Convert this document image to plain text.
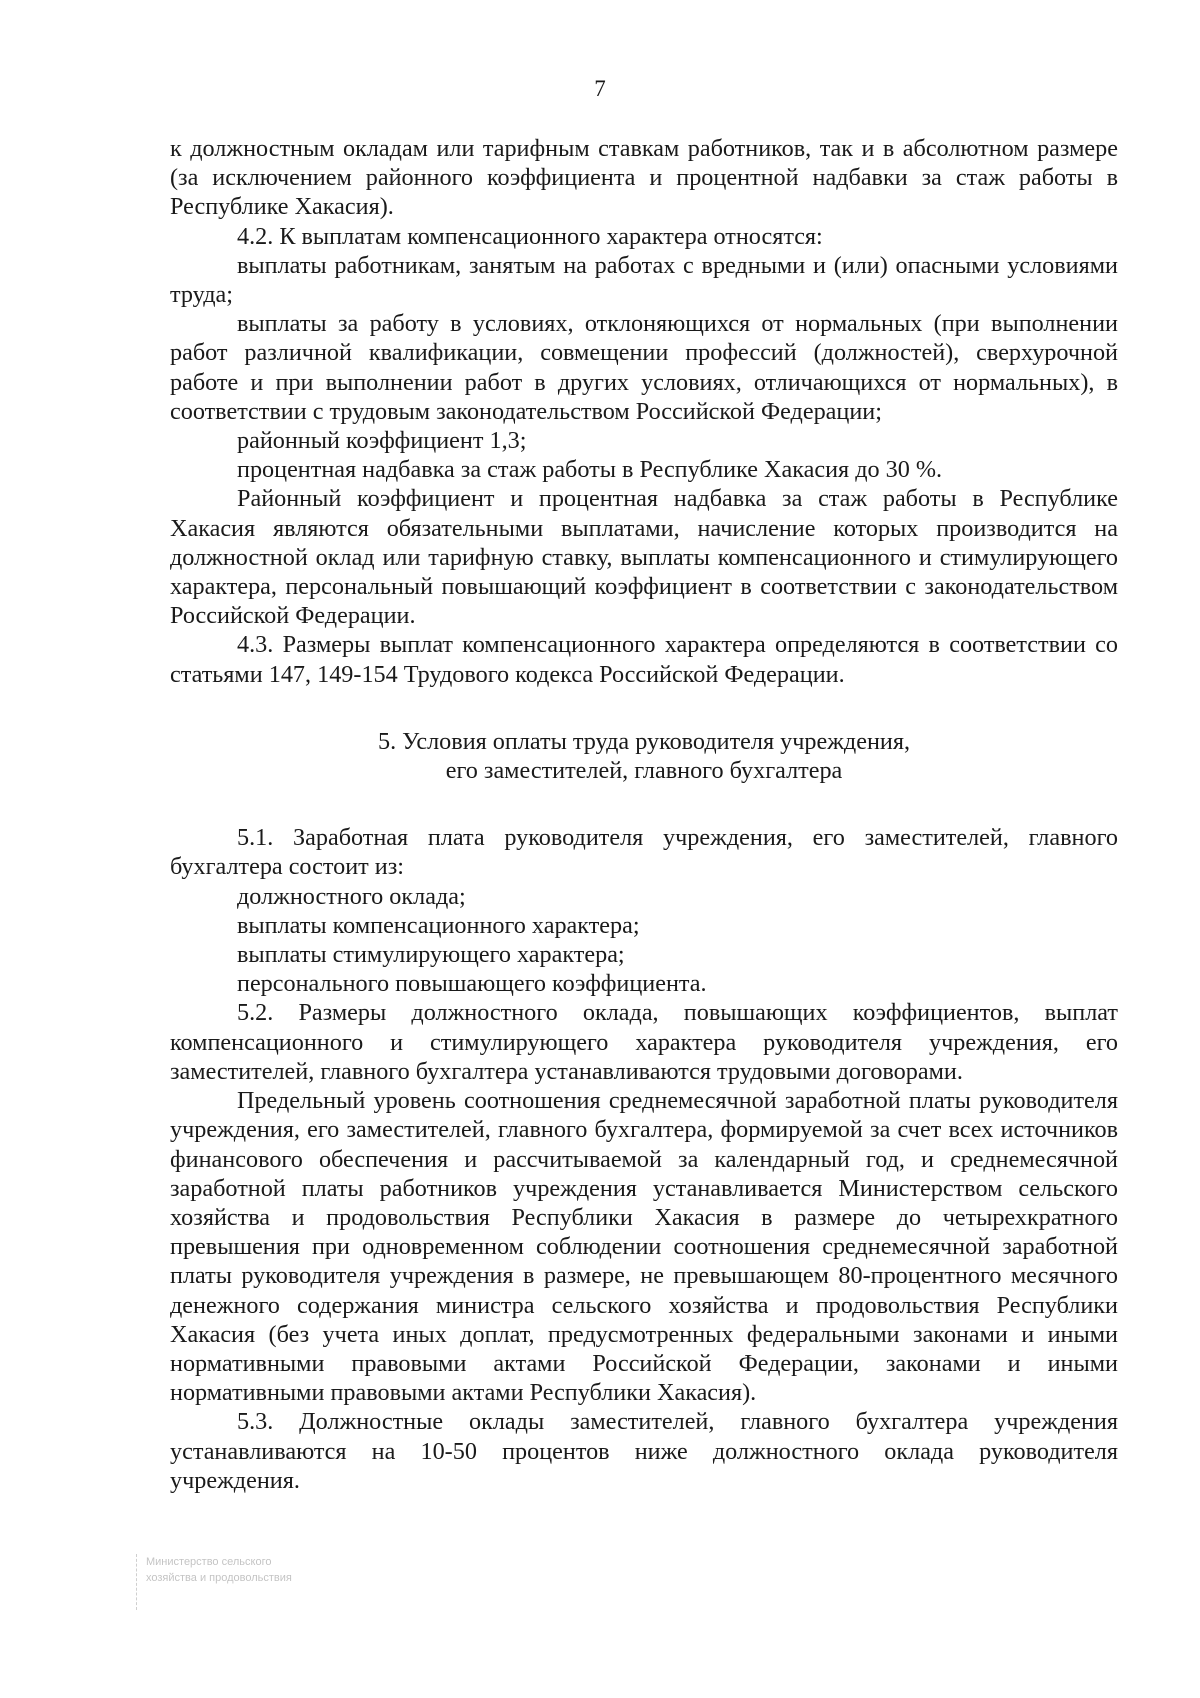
7

к должностным окладам или тарифным ставкам работников, так и в абсолютном размере (за исключением районного коэффициента и процентной надбавки за стаж работы в Республике Хакасия).

4.2. К выплатам компенсационного характера относятся:

выплаты работникам, занятым на работах с вредными и (или) опасными условиями труда;

выплаты за работу в условиях, отклоняющихся от нормальных (при выполнении работ различной квалификации, совмещении профессий (должностей), сверхурочной работе и при выполнении работ в других условиях, отличающихся от нормальных), в соответствии с трудовым законодательством Российской Федерации;

районный коэффициент 1,3;

процентная надбавка за стаж работы в Республике Хакасия до 30 %.

Районный коэффициент и процентная надбавка за стаж работы в Республике Хакасия являются обязательными выплатами, начисление которых производится на должностной оклад или тарифную ставку, выплаты компенсационного и стимулирующего характера, персональный повышающий коэффициент в соответствии с законодательством Российской Федерации.

4.3. Размеры выплат компенсационного характера определяются в соответствии со статьями 147, 149-154 Трудового кодекса Российской Федерации.

5. Условия оплаты труда руководителя учреждения,
его заместителей, главного бухгалтера

5.1. Заработная плата руководителя учреждения, его заместителей, главного бухгалтера состоит из:

должностного оклада;

выплаты компенсационного характера;

выплаты стимулирующего характера;

персонального повышающего коэффициента.

5.2. Размеры должностного оклада, повышающих коэффициентов, выплат компенсационного и стимулирующего характера руководителя учреждения, его заместителей, главного бухгалтера устанавливаются трудовыми договорами.

Предельный уровень соотношения среднемесячной заработной платы руководителя учреждения, его заместителей, главного бухгалтера, формируемой за счет всех источников финансового обеспечения и рассчитываемой за календарный год, и среднемесячной заработной платы работников учреждения устанавливается Министерством сельского хозяйства и продовольствия Республики Хакасия в размере до четырехкратного превышения при одновременном соблюдении соотношения среднемесячной заработной платы руководителя учреждения в размере, не превышающем 80-процентного месячного денежного содержания министра сельского хозяйства и продовольствия Республики Хакасия (без учета иных доплат, предусмотренных федеральными законами и иными нормативными правовыми актами Российской Федерации, законами и иными нормативными правовыми актами Республики Хакасия).

5.3. Должностные оклады заместителей, главного бухгалтера учреждения устанавливаются на 10-50 процентов ниже должностного оклада руководителя учреждения.

Министерство сельского
хозяйства и продовольствия
